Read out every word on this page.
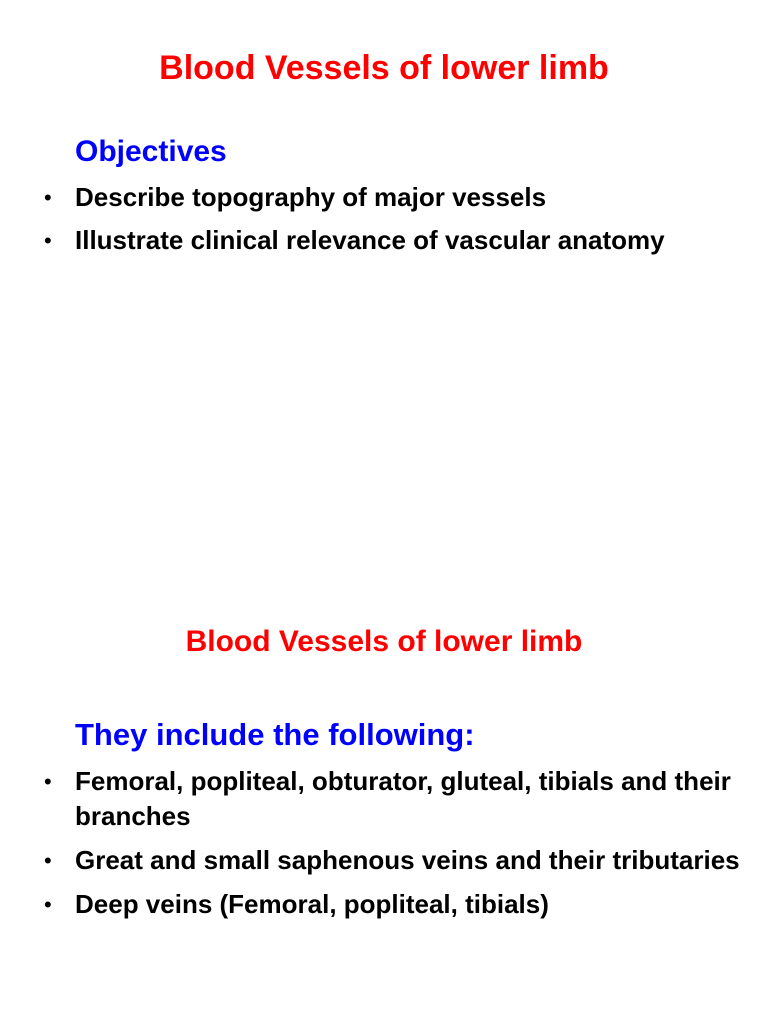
Blood Vessels of lower limb
Objectives
• Describe topography of major vessels
• Illustrate clinical relevance of vascular anatomy
Blood Vessels of lower limb
They include the following:
• Femoral, popliteal, obturator, gluteal, tibials and their branches
• Great and small saphenous veins and their tributaries
• Deep veins (Femoral, popliteal, tibials)
